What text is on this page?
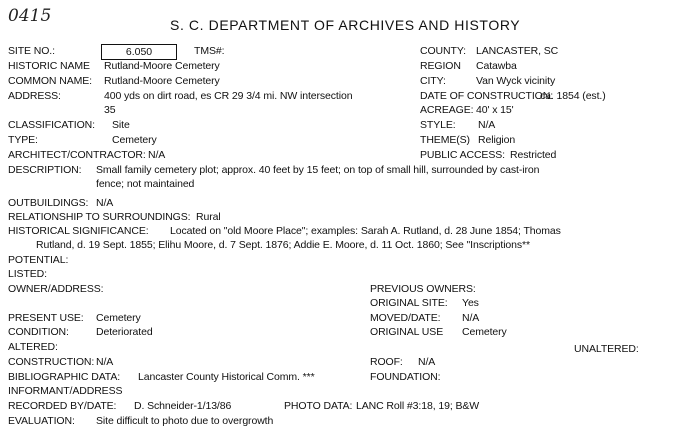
0415	S. C. DEPARTMENT OF ARCHIVES AND HISTORY
SITE NO.:	6.050	TMS#:	COUNTY: LANCASTER, SC
HISTORIC NAME Rutland-Moore Cemetery	REGION Catawba
COMMON NAME: Rutland-Moore Cemetery	CITY:	Van Wyck vicinity
ADDRESS:	400 yds on dirt road, es CR 29 3/4 mi. NW intersection
35
DATE OF CONSTRUCTION:
ca. 1854 (est.)
ACREAGE: 40' x 15'
CLASSIFICATION: Site	STYLE: N/A
TYPE:	Cemetery	THEME(S) Religion
ARCHITECT/CONTRACTOR: N/A	PUBLIC ACCESS: Restricted
DESCRIPTION: Small family cemetery plot; approx. 40 feet by 15 feet; on top of small hill, surrounded by cast-iron
fence; not maintained
OUTBUILDINGS: N/A
RELATIONSHIP TO SURROUNDINGS: Rural
HISTORICAL SIGNIFICANCE: Located on "old Moore Place"; examples: Sarah A. Rutland, d. 28 June 1854; Thomas
Rutland, d. 19 Sept. 1855; Elihu Moore, d. 7 Sept. 1876; Addie E. Moore, d. 11 Oct. 1860; See "Inscriptions**
POTENTIAL:
LISTED:
OWNER/ADDRESS:	PREVIOUS OWNERS:
ORIGINAL SITE: Yes
PRESENT USE: Cemetery	MOVED/DATE: N/A
CONDITION:	Deteriorated	ORIGINAL USE Cemetery
ALTERED:	UNALTERED:
CONSTRUCTION: N/A	ROOF: N/A
BIBLIOGRAPHIC DATA: Lancaster County Historical Comm. ***	FOUNDATION:
INFORMANT/ADDRESS
RECORDED BY/DATE: D. Schneider-1/13/86	PHOTO DATA: LANC Roll #3:18, 19; B&W
EVALUATION: Site difficult to photo due to overgrowth
